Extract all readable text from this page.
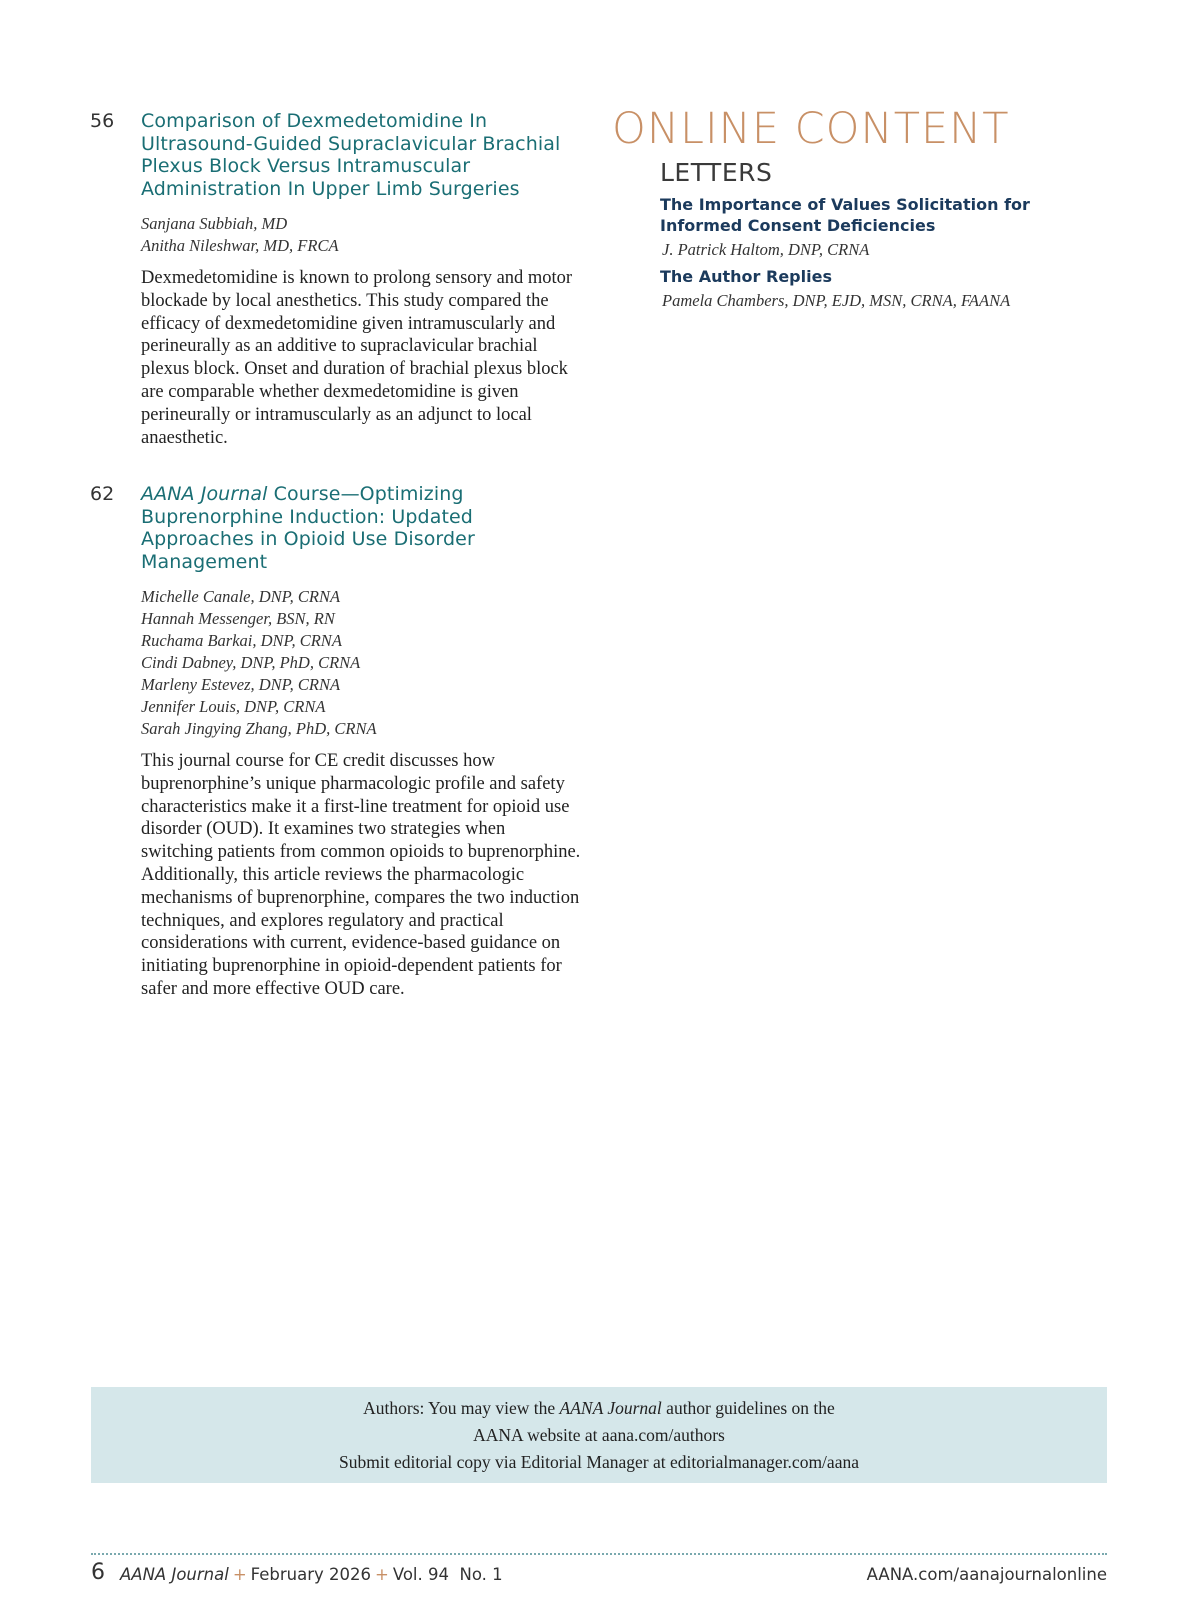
56	Comparison of Dexmedetomidine In Ultrasound-Guided Supraclavicular Brachial Plexus Block Versus Intramuscular Administration In Upper Limb Surgeries
Sanjana Subbiah, MD
Anitha Nileshwar, MD, FRCA
Dexmedetomidine is known to prolong sensory and motor blockade by local anesthetics. This study compared the efficacy of dexmedetomidine given intramuscularly and perineurally as an additive to supraclavicular brachial plexus block. Onset and duration of brachial plexus block are comparable whether dexmedetomidine is given perineurally or intramuscularly as an adjunct to local anaesthetic.
62	AANA Journal Course—Optimizing Buprenorphine Induction: Updated Approaches in Opioid Use Disorder Management
Michelle Canale, DNP, CRNA
Hannah Messenger, BSN, RN
Ruchama Barkai, DNP, CRNA
Cindi Dabney, DNP, PhD, CRNA
Marleny Estevez, DNP, CRNA
Jennifer Louis, DNP, CRNA
Sarah Jingying Zhang, PhD, CRNA
This journal course for CE credit discusses how buprenorphine’s unique pharmacologic profile and safety characteristics make it a first-line treatment for opioid use disorder (OUD). It examines two strategies when switching patients from common opioids to buprenorphine. Additionally, this article reviews the pharmacologic mechanisms of buprenorphine, compares the two induction techniques, and explores regulatory and practical considerations with current, evidence-based guidance on initiating buprenorphine in opioid-dependent patients for safer and more effective OUD care.
ONLINE CONTENT
LETTERS
The Importance of Values Solicitation for Informed Consent Deficiencies
J. Patrick Haltom, DNP, CRNA
The Author Replies
Pamela Chambers, DNP, EJD, MSN, CRNA, FAANA
Authors: You may view the AANA Journal author guidelines on the
AANA website at aana.com/authors
Submit editorial copy via Editorial Manager at editorialmanager.com/aana
6 AANA Journal + February 2026 + Vol. 94 No. 1	AANA.com/aanajournalonline
